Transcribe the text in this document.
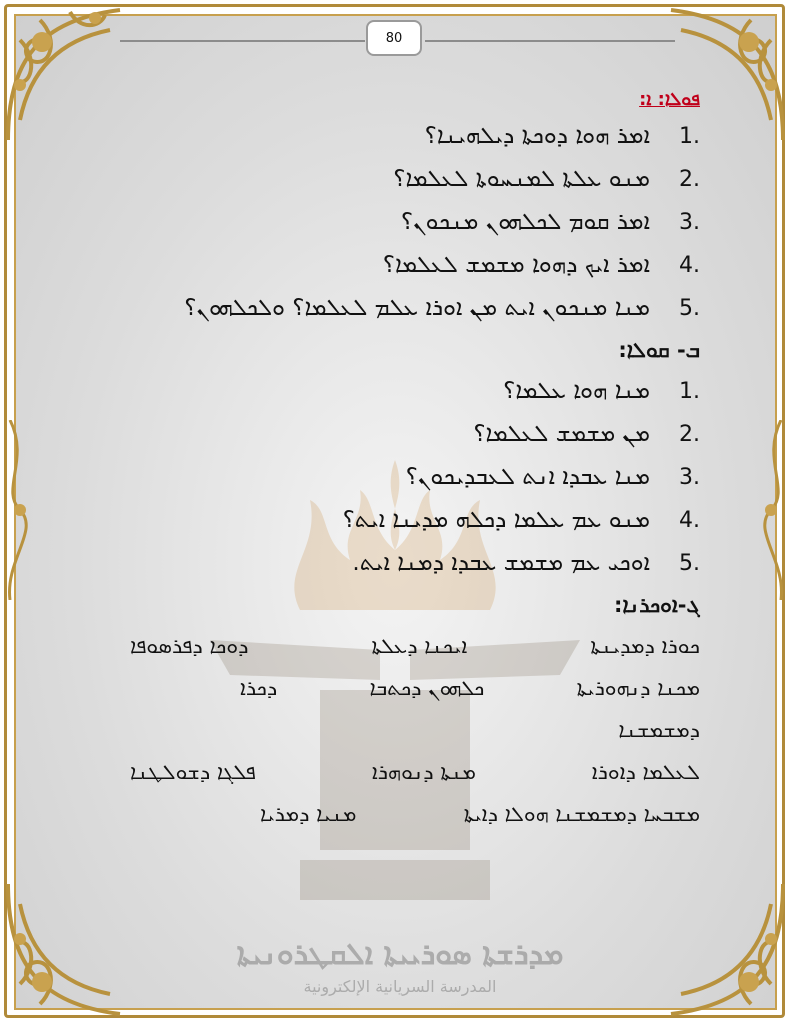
80

ܦܘܠܐ: ܐ:

1.
ܐܡܪ ܗܘܐ ܕܘܟܬܐ ܕܝܠܗܝܢܐ؟
2.
ܡܢܘ ܥܠܬܐ ܠܡܢܚܘܬܐ ܠܥܠܡܐ؟
3.
ܐܡܪ ܩܘܡ ܠܟܠܗܘܢ ܡܢܟܘܢ؟
4.
ܐܡܪ ܐܝܟ ܕܗܘܐ ܡܫܡܫ ܠܥܠܡܐ؟
5.
ܡܢܐ ܡܢܟܘܢ ܐܝܬ ܡܢ ܐܘܪܐ ܥܠܡ ܠܥܠܡܐ؟ ܘܠܟܠܗܘܢ؟

ܒ- ܩܘܠܐ:

1.
ܡܢܐ ܗܘܐ ܥܠܡܐ؟
2.
ܡܢ ܡܫܡܫ ܠܥܠܡܐ؟
3.
ܡܢܐ ܥܒܕܐ ܐܢܬ ܠܥܒܕܝܟܘܢ؟
4.
ܡܢܘ ܥܡ ܥܠܡܐ ܕܟܠܗ ܡܕܝܢܐ ܐܝܬ؟
5.
ܐܘܟܝ ܥܡ ܡܫܡܫ ܥܒܕܐ ܕܡܢܐ ܐܝܬ.

ܓ-ܐܘܟܪܢܐ:

ܟܘܪܐ ܕܡܕܝܢܬܐ
ܐܝܟܢܐ ܕܥܠܬܐ
ܕܘܟܐ ܕܦܪܣܘܦܐ
ܡܟܢܐ ܕܢܗܘܪܝܬܐ
ܟܠܗܘܢ ܕܟܬܒܐ
ܕܟܪܐ
ܕܡܫܡܫܢܐ
ܠܥܠܡܐ ܕܐܘܪܐ
ܡܢܬܐ ܕܢܘܗܪܐ
ܦܠܓܐ ܕܫܘܠܛܢܐ
ܡܫܒܚܐ ܕܡܫܡܫܢܐ ܗܘܠܐ ܕܐܝܬܐ
ܡܢܝܐ ܕܡܪܝܐ
ܡܕܪܫܬܐ ܣܘܪܝܝܬܐ ܐܠܩܛܪܘܢܝܬܐ
المدرسة السريانية الإلكترونية
